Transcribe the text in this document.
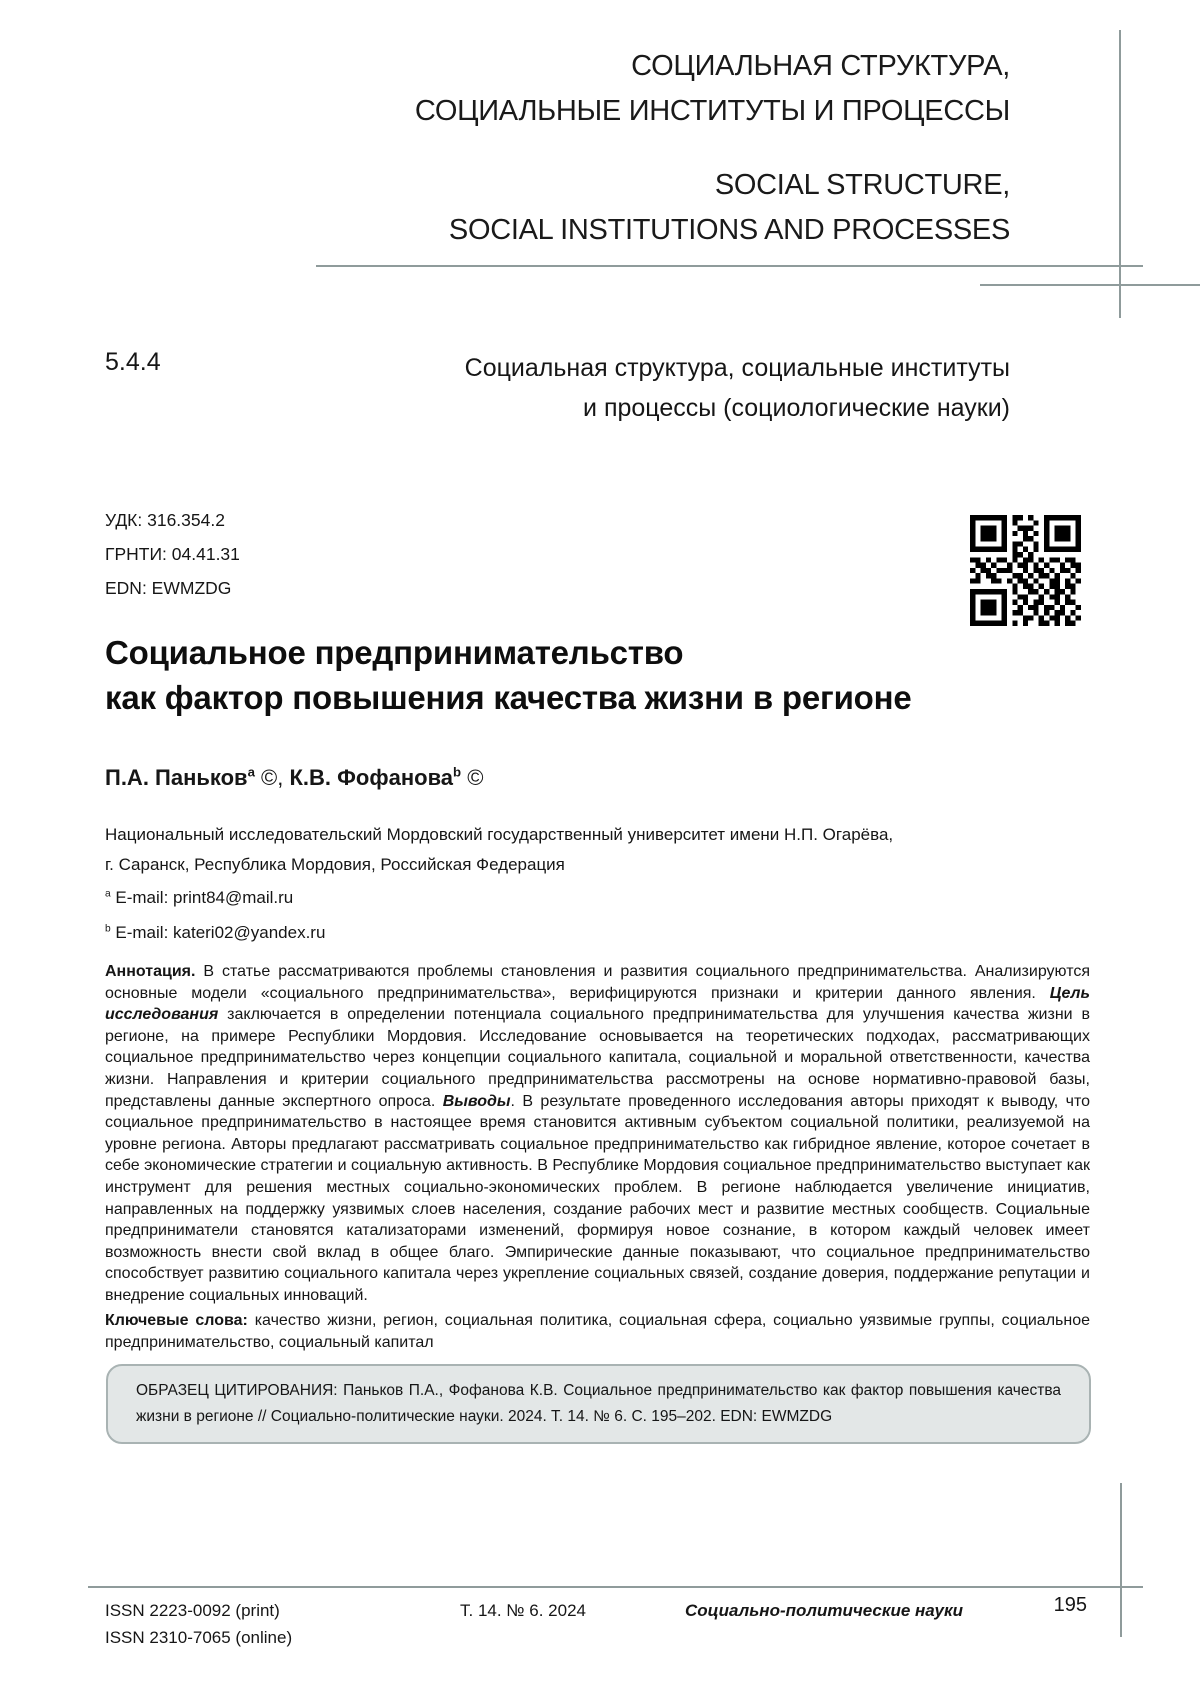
СОЦИАЛЬНАЯ СТРУКТУРА,
СОЦИАЛЬНЫЕ ИНСТИТУТЫ И ПРОЦЕССЫ
SOCIAL STRUCTURE,
SOCIAL INSTITUTIONS AND PROCESSES
5.4.4	Социальная структура, социальные институты
и процессы (социологические науки)
УДК: 316.354.2
ГРНТИ: 04.41.31
EDN: EWMZDG
Социальное предпринимательство
как фактор повышения качества жизни в регионе
П.А. Паньков$^a$ ©, К.В. Фофанова$^b$ ©
Национальный исследовательский Мордовский государственный университет имени Н.П. Огарёва,
г. Саранск, Республика Мордовия, Российская Федерация
$^a$ E-mail: print84@mail.ru
$^b$ E-mail: kateri02@yandex.ru

Аннотация. В статье рассматриваются проблемы становления и развития социального предпринимательства. Анализируются основные модели «социального предпринимательства», верифицируются признаки и критерии данного явления. Цель исследования заключается в определении потенциала социального предпринимательства для улучшения качества жизни в регионе, на примере Республики Мордовия. Исследование основывается на теоретических подходах, рассматривающих социальное предпринимательство через концепции социального капитала, социальной и моральной ответственности, качества жизни. Направления и критерии социального предпринимательства рассмотрены на основе нормативно-правовой базы, представлены данные экспертного опроса. Выводы. В результате проведенного исследования авторы приходят к выводу, что социальное предпринимательство в настоящее время становится активным субъектом социальной политики, реализуемой на уровне региона. Авторы предлагают рассматривать социальное предпринимательство как гибридное явление, которое сочетает в себе экономические стратегии и социальную активность. В Республике Мордовия социальное предпринимательство выступает как инструмент для решения местных социально-экономических проблем. В регионе наблюдается увеличение инициатив, направленных на поддержку уязвимых слоев населения, создание рабочих мест и развитие местных сообществ. Социальные предприниматели становятся катализаторами изменений, формируя новое сознание, в котором каждый человек имеет возможность внести свой вклад в общее благо. Эмпирические данные показывают, что социальное предпринимательство способствует развитию социального капитала через укрепление социальных связей, создание доверия, поддержание репутации и внедрение социальных инноваций.

Ключевые слова: качество жизни, регион, социальная политика, социальная сфера, социально уязвимые группы, социальное предпринимательство, социальный капитал

ОБРАЗЕЦ ЦИТИРОВАНИЯ: Паньков П.А., Фофанова К.В. Социальное предпринимательство как фактор повышения качества жизни в регионе // Социально-политические науки. 2024. Т. 14. № 6. С. 195–202. EDN: EWMZDG

ISSN 2223-0092 (print)
ISSN 2310-7065 (online)
Т. 14. № 6. 2024	Социально-политические науки	195
